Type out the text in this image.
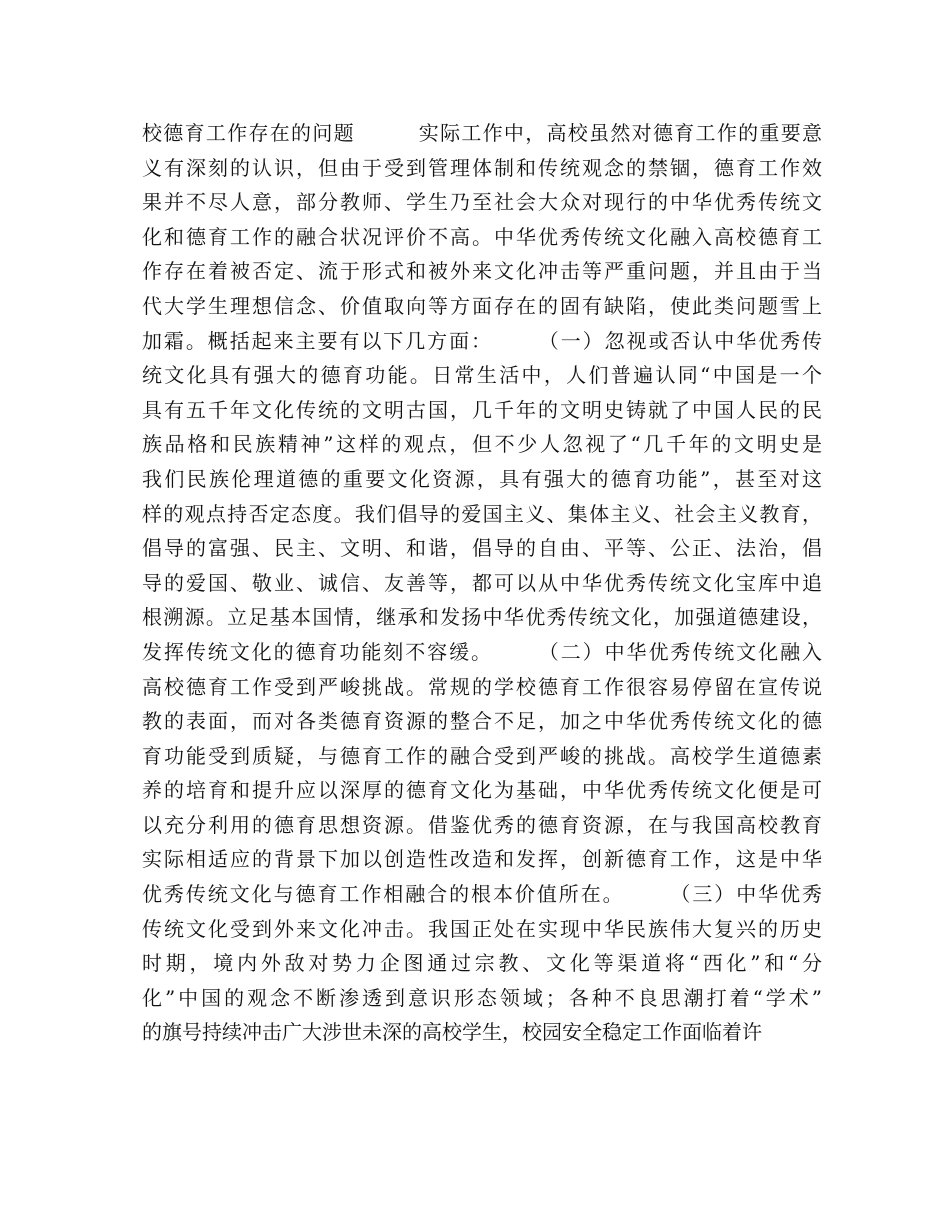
校德育工作存在的问题　　　实际工作中，高校虽然对德育工作的重要意
义有深刻的认识，但由于受到管理体制和传统观念的禁锢，德育工作效
果并不尽人意，部分教师、学生乃至社会大众对现行的中华优秀传统文
化和德育工作的融合状况评价不高。中华优秀传统文化融入高校德育工
作存在着被否定、流于形式和被外来文化冲击等严重问题，并且由于当
代大学生理想信念、价值取向等方面存在的固有缺陷，使此类问题雪上
加霜。概括起来主要有以下几方面：　　　（一）忽视或否认中华优秀传
统文化具有强大的德育功能。日常生活中，人们普遍认同“中国是一个
具有五千年文化传统的文明古国，几千年的文明史铸就了中国人民的民
族品格和民族精神”这样的观点，但不少人忽视了“几千年的文明史是
我们民族伦理道德的重要文化资源，具有强大的德育功能”，甚至对这
样的观点持否定态度。我们倡导的爱国主义、集体主义、社会主义教育，
倡导的富强、民主、文明、和谐，倡导的自由、平等、公正、法治，倡
导的爱国、敬业、诚信、友善等，都可以从中华优秀传统文化宝库中追
根溯源。立足基本国情，继承和发扬中华优秀传统文化，加强道德建设，
发挥传统文化的德育功能刻不容缓。　　　（二）中华优秀传统文化融入
高校德育工作受到严峻挑战。常规的学校德育工作很容易停留在宣传说
教的表面，而对各类德育资源的整合不足，加之中华优秀传统文化的德
育功能受到质疑，与德育工作的融合受到严峻的挑战。高校学生道德素
养的培育和提升应以深厚的德育文化为基础，中华优秀传统文化便是可
以充分利用的德育思想资源。借鉴优秀的德育资源，在与我国高校教育
实际相适应的背景下加以创造性改造和发挥，创新德育工作，这是中华
优秀传统文化与德育工作相融合的根本价值所在。　　　（三）中华优秀
传统文化受到外来文化冲击。我国正处在实现中华民族伟大复兴的历史
时期，境内外敌对势力企图通过宗教、文化等渠道将“西化”和“分
化”中国的观念不断渗透到意识形态领域；各种不良思潮打着“学术”
的旗号持续冲击广大涉世未深的高校学生，校园安全稳定工作面临着许
